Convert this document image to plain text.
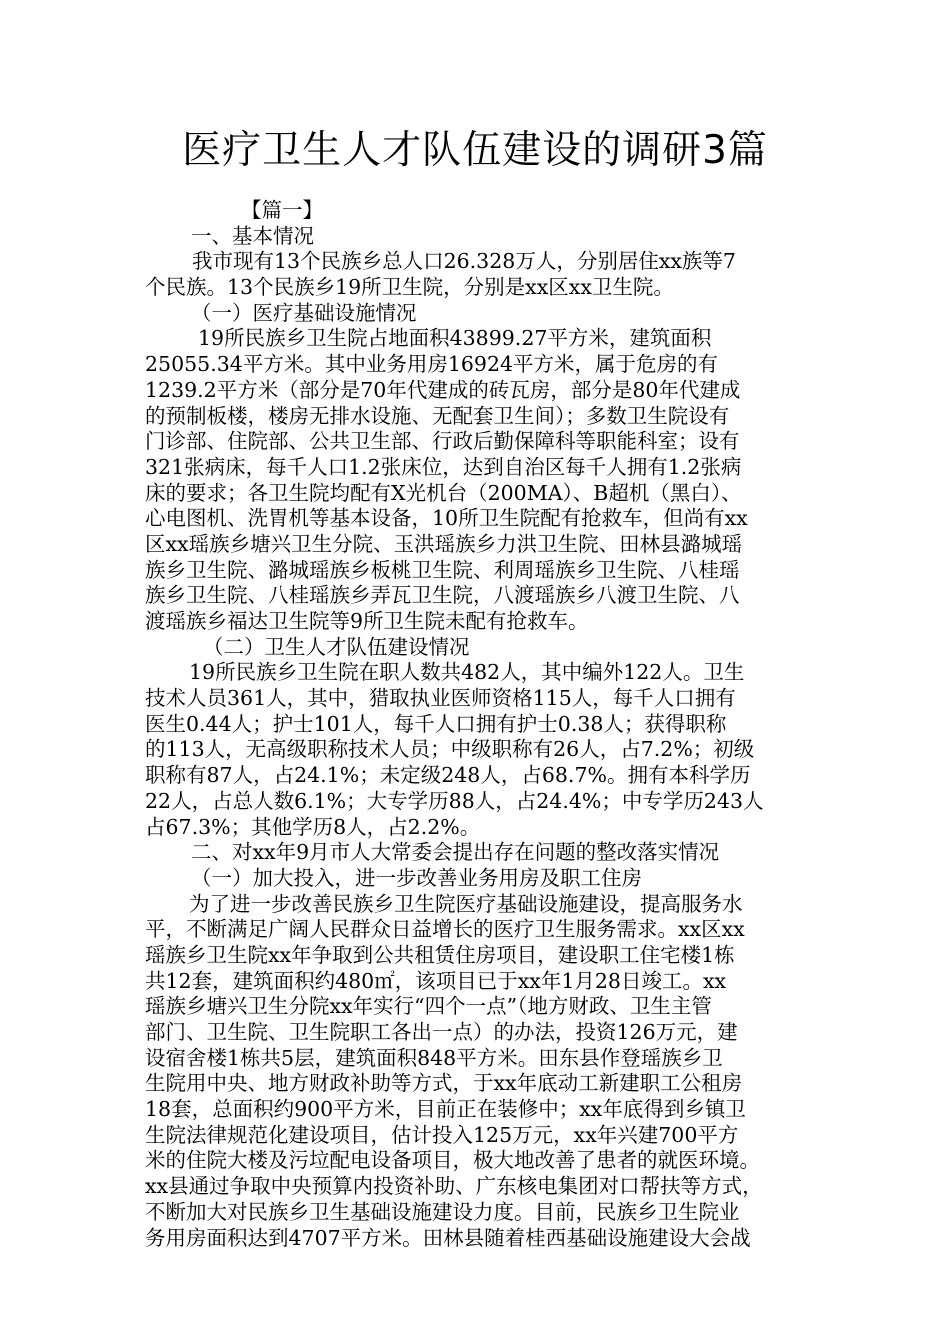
医疗卫生人才队伍建设的调研3篇
【篇一】
一、基本情况
我市现有13个民族乡总人口26.328万人，分别居住xx族等7
个民族。13个民族乡19所卫生院，分别是xx区xx卫生院。
（一）医疗基础设施情况
19所民族乡卫生院占地面积43899.27平方米，建筑面积
25055.34平方米。其中业务用房16924平方米，属于危房的有
1239.2平方米（部分是70年代建成的砖瓦房，部分是80年代建成
的预制板楼，楼房无排水设施、无配套卫生间）；多数卫生院设有
门诊部、住院部、公共卫生部、行政后勤保障科等职能科室；设有
321张病床，每千人口1.2张床位，达到自治区每千人拥有1.2张病
床的要求；各卫生院均配有X光机台（200MA）、B超机（黑白）、
心电图机、洗胃机等基本设备，10所卫生院配有抢救车，但尚有xx
区xx瑶族乡塘兴卫生分院、玉洪瑶族乡力洪卫生院、田林县潞城瑶
族乡卫生院、潞城瑶族乡板桃卫生院、利周瑶族乡卫生院、八桂瑶
族乡卫生院、八桂瑶族乡弄瓦卫生院，八渡瑶族乡八渡卫生院、八
渡瑶族乡福达卫生院等9所卫生院未配有抢救车。
（二）卫生人才队伍建设情况
19所民族乡卫生院在职人数共482人，其中编外122人。卫生
技术人员361人，其中，猎取执业医师资格115人，每千人口拥有
医生0.44人；护士101人，每千人口拥有护士0.38人；获得职称
的113人，无高级职称技术人员；中级职称有26人，占7.2%；初级
职称有87人，占24.1%；未定级248人，占68.7%。拥有本科学历
22人，占总人数6.1%；大专学历88人，占24.4%；中专学历243人
占67.3%；其他学历8人，占2.2%。
二、对xx年9月市人大常委会提出存在问题的整改落实情况
（一）加大投入，进一步改善业务用房及职工住房
为了进一步改善民族乡卫生院医疗基础设施建设，提高服务水
平，不断满足广阔人民群众日益增长的医疗卫生服务需求。xx区xx
瑶族乡卫生院xx年争取到公共租赁住房项目，建设职工住宅楼1栋
共12套，建筑面积约480㎡，该项目已于xx年1月28日竣工。xx
瑶族乡塘兴卫生分院xx年实行“四个一点”（地方财政、卫生主管
部门、卫生院、卫生院职工各出一点）的办法，投资126万元，建
设宿舍楼1栋共5层，建筑面积848平方米。田东县作登瑶族乡卫
生院用中央、地方财政补助等方式，于xx年底动工新建职工公租房
18套，总面积约900平方米，目前正在装修中；xx年底得到乡镇卫
生院法律规范化建设项目，估计投入125万元，xx年兴建700平方
米的住院大楼及污垃配电设备项目，极大地改善了患者的就医环境。
xx县通过争取中央预算内投资补助、广东核电集团对口帮扶等方式，
不断加大对民族乡卫生基础设施建设力度。目前，民族乡卫生院业
务用房面积达到4707平方米。田林县随着桂西基础设施建设大会战
